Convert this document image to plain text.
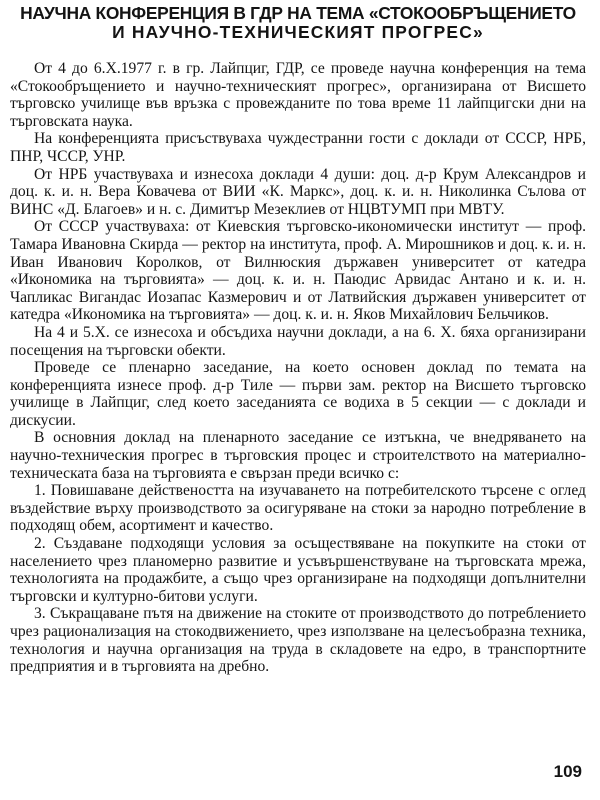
НАУЧНА КОНФЕРЕНЦИЯ В ГДР НА ТЕМА «СТОКООБРЪЩЕНИЕТО
И НАУЧНО-ТЕХНИЧЕСКИЯТ ПРОГРЕС»

От 4 до 6.Х.1977 г. в гр. Лайпциг, ГДР, се проведе научна конференция на тема «Стокообръщението и научно-техническият прогрес», организирана от Висшето търговско училище във връзка с провежданите по това време 11 лайпцигски дни на търговската наука.

На конференцията присъствуваха чуждестранни гости с доклади от СССР, НРБ, ПНР, ЧССР, УНР.

От НРБ участвуваха и изнесоха доклади 4 души: доц. д-р Крум Александров и доц. к. и. н. Вера Ковачева от ВИИ «К. Маркс», доц. к. и. н. Николинка Сълова от ВИНС «Д. Благоев» и н. с. Димитър Мезеклиев от НЦВТУМП при МВТУ.

От СССР участвуваха: от Киевския търговско-икономически институт — проф. Тамара Ивановна Скирда — ректор на института, проф. А. Мирошников и доц. к. и. н. Иван Иванович Королков, от Вилнюския държавен университет от катедра «Икономика на търговията» — доц. к. и. н. Паюдис Арвидас Антано и к. и. н. Чапликас Вигандас Иозапас Казмерович и от Латвийския държавен университет от катедра «Икономика на търговията» — доц. к. и. н. Яков Михайлович Бельчиков.

На 4 и 5.Х. се изнесоха и обсъдиха научни доклади, а на 6. Х. бяха организирани посещения на търговски обекти.

Проведе се пленарно заседание, на което основен доклад по темата на конференцията изнесе проф. д-р Тиле — първи зам. ректор на Висшето търговско училище в Лайпциг, след което заседанията се водиха в 5 секции — с доклади и дискусии.

В основния доклад на пленарното заседание се изтъкна, че внедряването на научно-техническия прогрес в търговския процес и строителството на материално-техническата база на търговията е свързан преди всичко с:

1. Повишаване действеността на изучаването на потребителското търсене с оглед въздействие върху производството за осигуряване на стоки за народно потребление в подходящ обем, асортимент и качество.

2. Създаване подходящи условия за осъществяване на покупките на стоки от населението чрез планомерно развитие и усъвършенствуване на търговската мрежа, технологията на продажбите, а също чрез организиране на подходящи допълнителни търговски и културно-битови услуги.

3. Съкращаване пътя на движение на стоките от производството до потреблението чрез рационализация на стокодвижението, чрез използване на целесъобразна техника, технология и научна организация на труда в складовете на едро, в транспортните предприятия и в търговията на дребно.

109
